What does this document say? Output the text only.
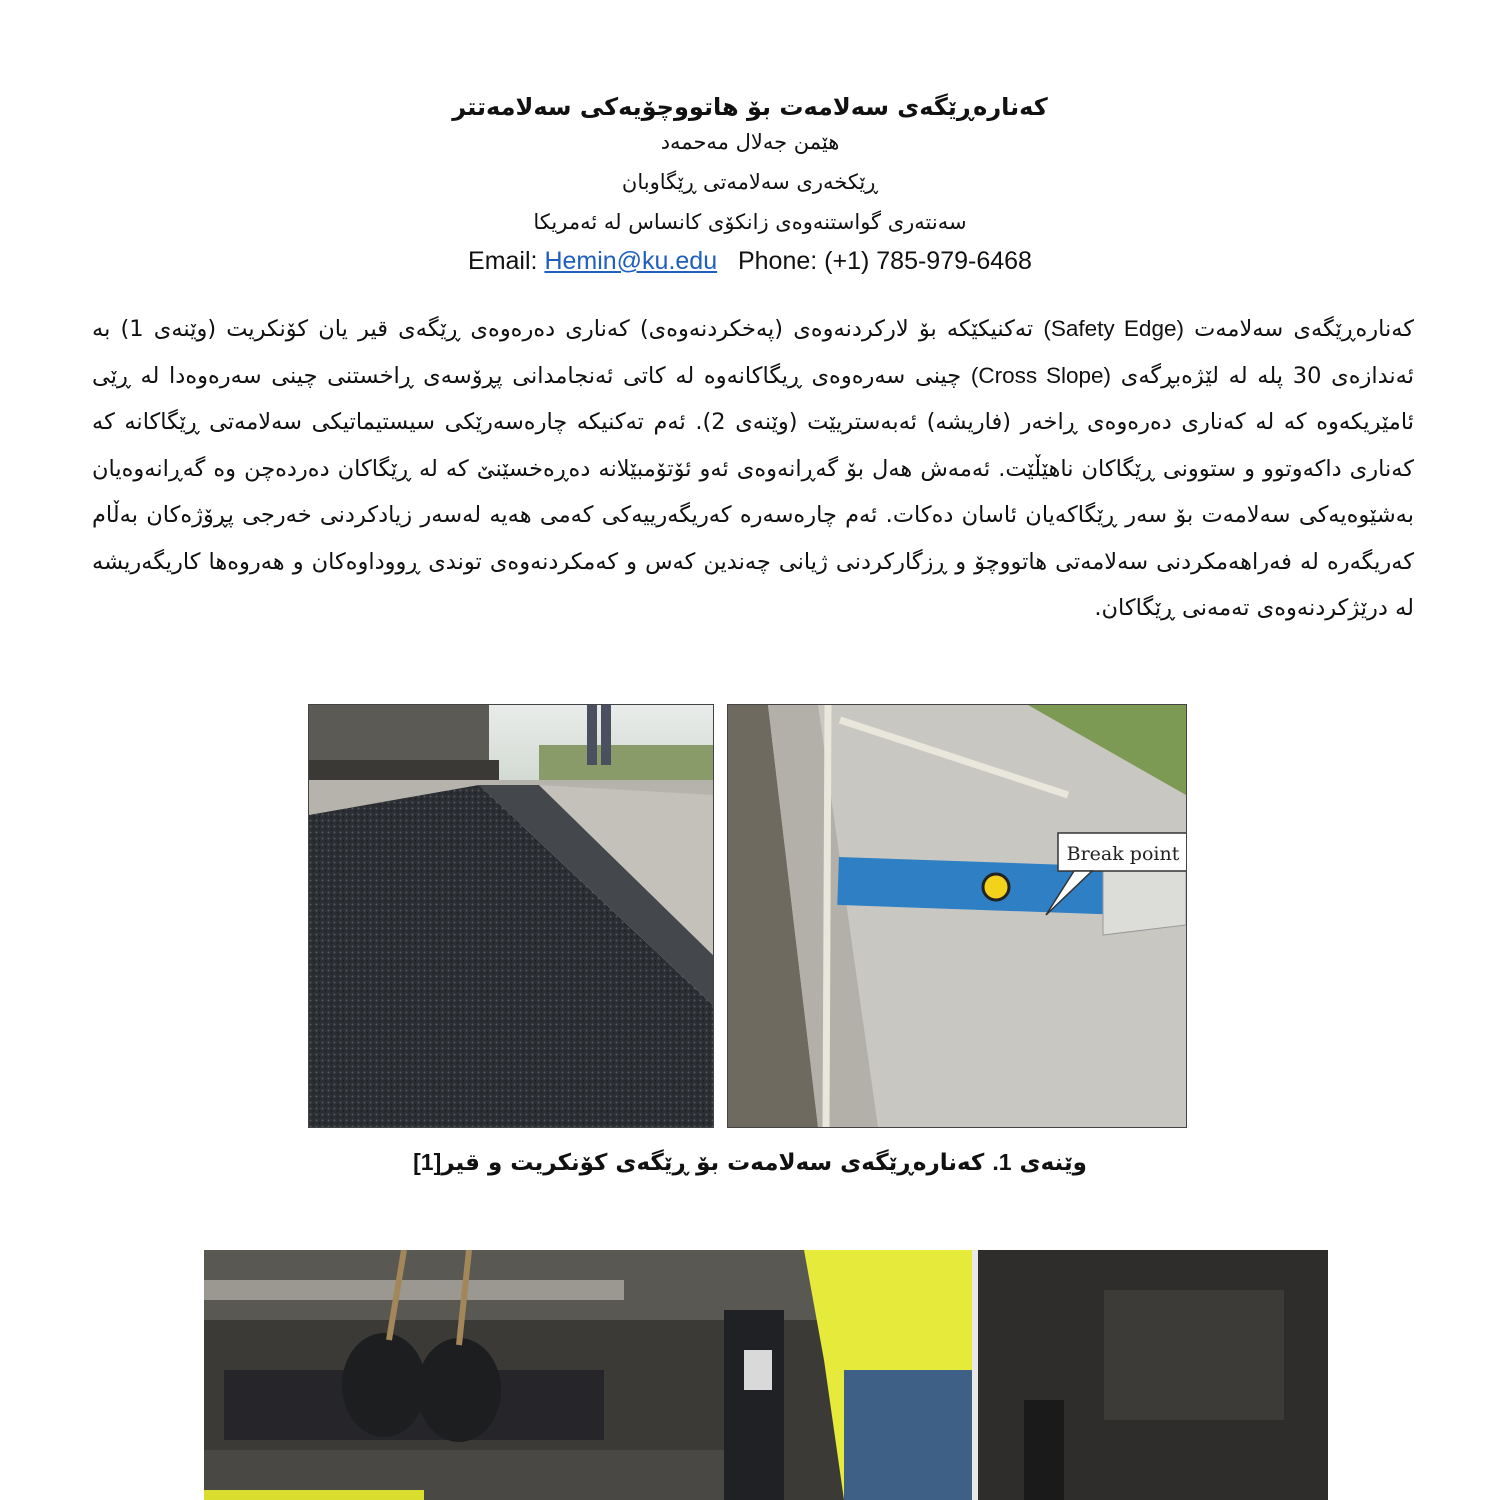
کەنارەڕێگەی سەلامەت بۆ هاتووچۆیەکی سەلامەتتر
هێمن جەلال مەحمەد
ڕێکخەری سەلامەتی ڕێگاوبان
سەنتەری گواستنەوەی زانکۆی کانساس لە ئەمریکا
Email: Hemin@ku.edu Phone: (+1) 785-979-6468

کەنارەڕێگەی سەلامەت (Safety Edge) تەکنیکێکە بۆ لارکردنەوەی (پەخکردنەوەی) کەناری دەرەوەی ڕێگەی قیر یان کۆنکریت (وێنەی 1) بە ئەندازەی 30 پلە لە لێژەبڕگەی (Cross Slope) چینی سەرەوەی ڕیگاکانەوە لە کاتی ئەنجامدانی پڕۆسەی ڕاخستنی چینی سەرەوەدا لە ڕێی ئامێریکەوە کە لە کەناری دەرەوەی ڕاخەر (فاریشە) ئەبەستریێت (وێنەی 2). ئەم تەکنیکە چارەسەرێکی سیستیماتیکی سەلامەتی ڕێگاکانە کە کەناری داکەوتوو و ستوونی ڕێگاکان ناهێڵێت. ئەمەش هەل بۆ گەڕانەوەی ئەو ئۆتۆمبێلانە دەڕەخسێنێ کە لە ڕێگاکان دەردەچن وە گەڕانەوەیان بەشێوەیەکی سەلامەت بۆ سەر ڕێگاکەیان ئاسان دەکات. ئەم چارەسەرە کەریگەرییەکی کەمی هەیە لەسەر زیادکردنی خەرجی پڕۆژەکان بەڵام کەریگەرە لە فەراهەمکردنی سەلامەتی هاتووچۆ و ڕزگارکردنی ژیانی چەندین کەس و کەمکردنەوەی توندی ڕووداوەکان و هەروەها کاریگەریشە لە درێژکردنەوەی تەمەنی ڕێگاکان.

Break point
وێنەی 1. کەنارەڕێگەی سەلامەت بۆ ڕێگەی کۆنکریت و قیر[1]
